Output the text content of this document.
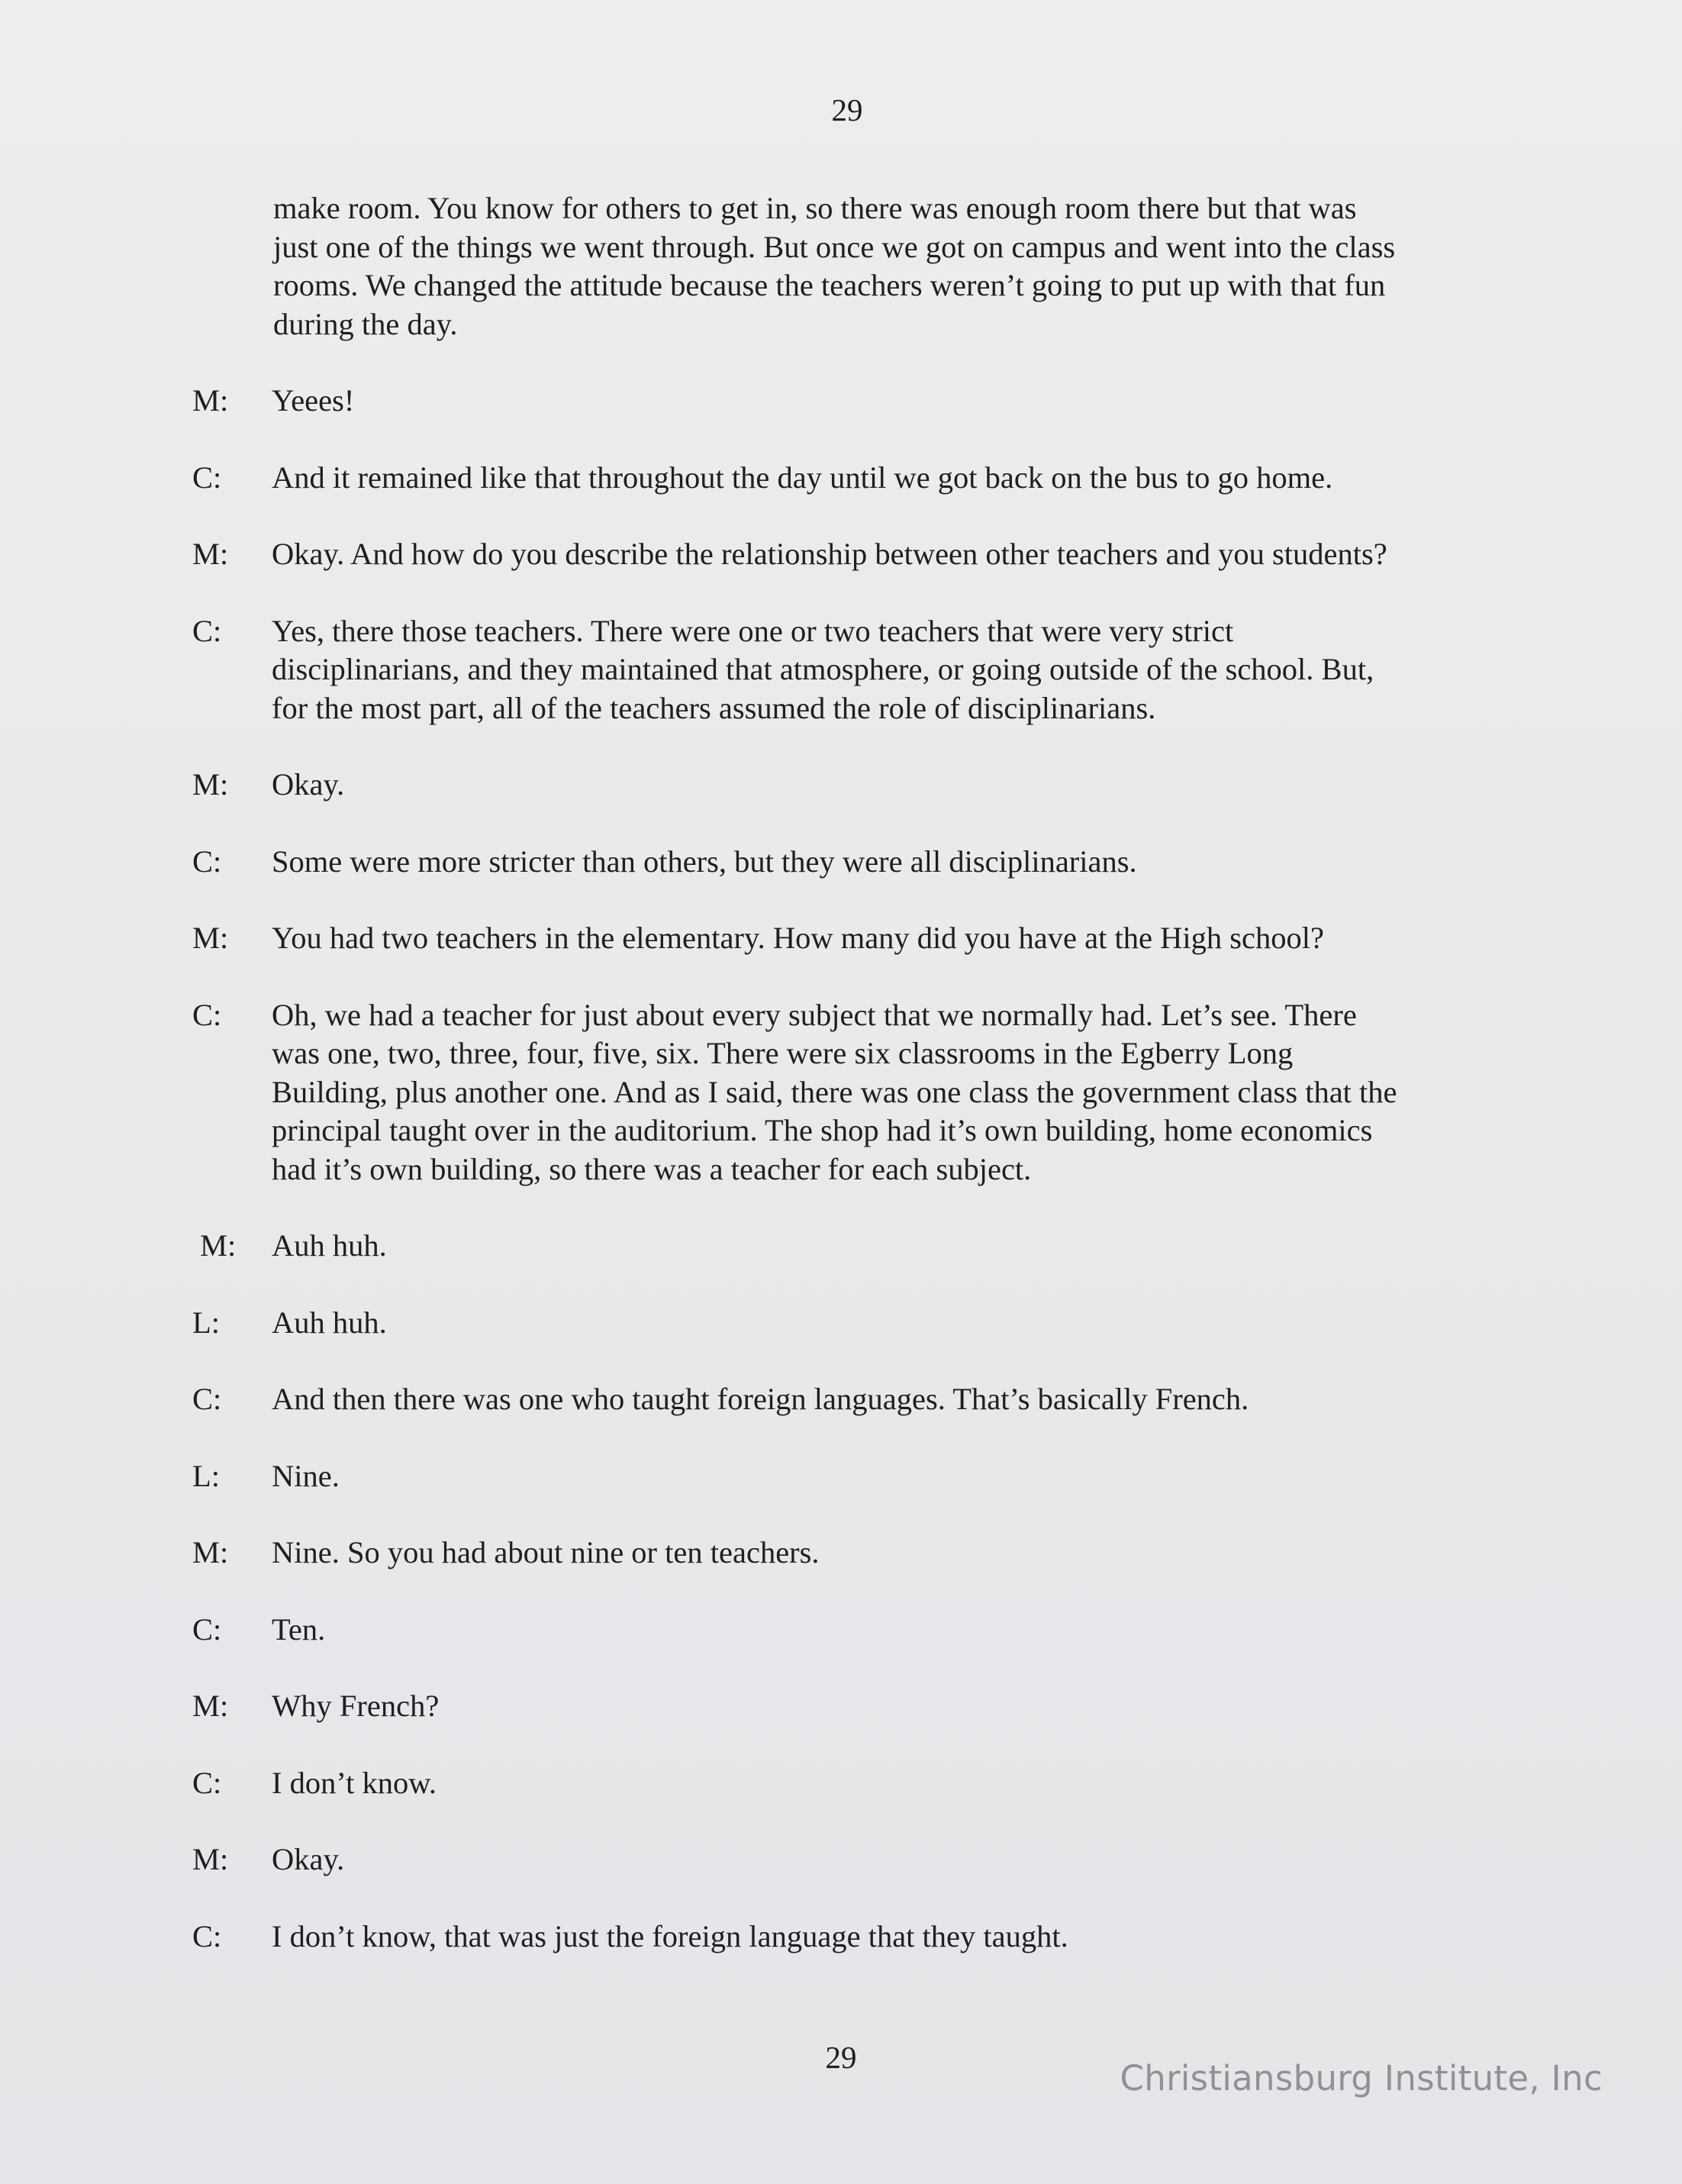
29
make room. You know for others to get in, so there was enough room there but that was
just one of the things we went through. But once we got on campus and went into the class
rooms. We changed the attitude because the teachers weren’t going to put up with that fun
during the day.
M:	Yeees!
C:	And it remained like that throughout the day until we got back on the bus to go home.
M:	Okay. And how do you describe the relationship between other teachers and you students?
C:	Yes, there those teachers. There were one or two teachers that were very strict
disciplinarians, and they maintained that atmosphere, or going outside of the school. But,
for the most part, all of the teachers assumed the role of disciplinarians.
M:	Okay.
C:	Some were more stricter than others, but they were all disciplinarians.
M:	You had two teachers in the elementary. How many did you have at the High school?
C:	Oh, we had a teacher for just about every subject that we normally had. Let’s see. There
was one, two, three, four, five, six. There were six classrooms in the Egberry Long
Building, plus another one. And as I said, there was one class the government class that the
principal taught over in the auditorium. The shop had it’s own building, home economics
had it’s own building, so there was a teacher for each subject.
M:	Auh huh.
L:	Auh huh.
C:	And then there was one who taught foreign languages. That’s basically French.
L:	Nine.
M:	Nine. So you had about nine or ten teachers.
C:	Ten.
M:	Why French?
C:	I don’t know.
M:	Okay.
C:	I don’t know, that was just the foreign language that they taught.
29
Christiansburg Institute, Inc
